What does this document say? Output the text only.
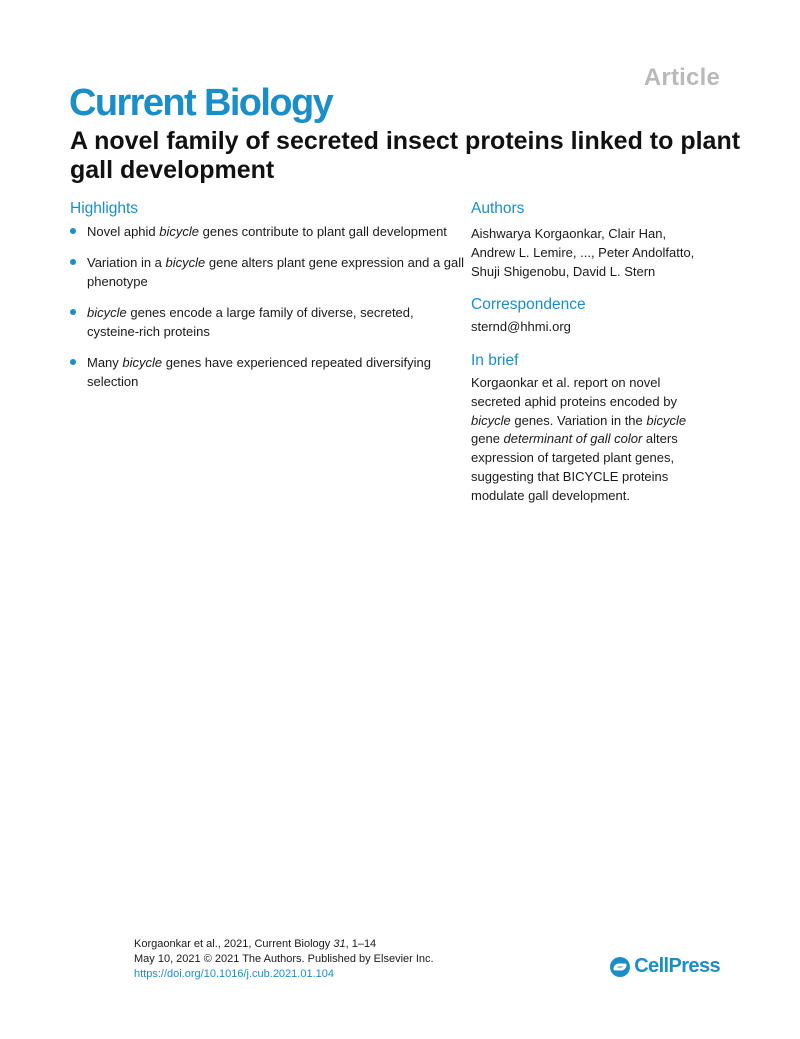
Article
Current Biology
A novel family of secreted insect proteins linked to plant gall development
Highlights
Novel aphid bicycle genes contribute to plant gall development
Variation in a bicycle gene alters plant gene expression and a gall phenotype
bicycle genes encode a large family of diverse, secreted, cysteine-rich proteins
Many bicycle genes have experienced repeated diversifying selection
Authors
Aishwarya Korgaonkar, Clair Han,
Andrew L. Lemire, ..., Peter Andolfatto,
Shuji Shigenobu, David L. Stern
Correspondence
sternd@hhmi.org
In brief
Korgaonkar et al. report on novel
secreted aphid proteins encoded by
bicycle genes. Variation in the bicycle
gene determinant of gall color alters
expression of targeted plant genes,
suggesting that BICYCLE proteins
modulate gall development.
Korgaonkar et al., 2021, Current Biology 31, 1–14
May 10, 2021 © 2021 The Authors. Published by Elsevier Inc.
https://doi.org/10.1016/j.cub.2021.01.104	CellPress
